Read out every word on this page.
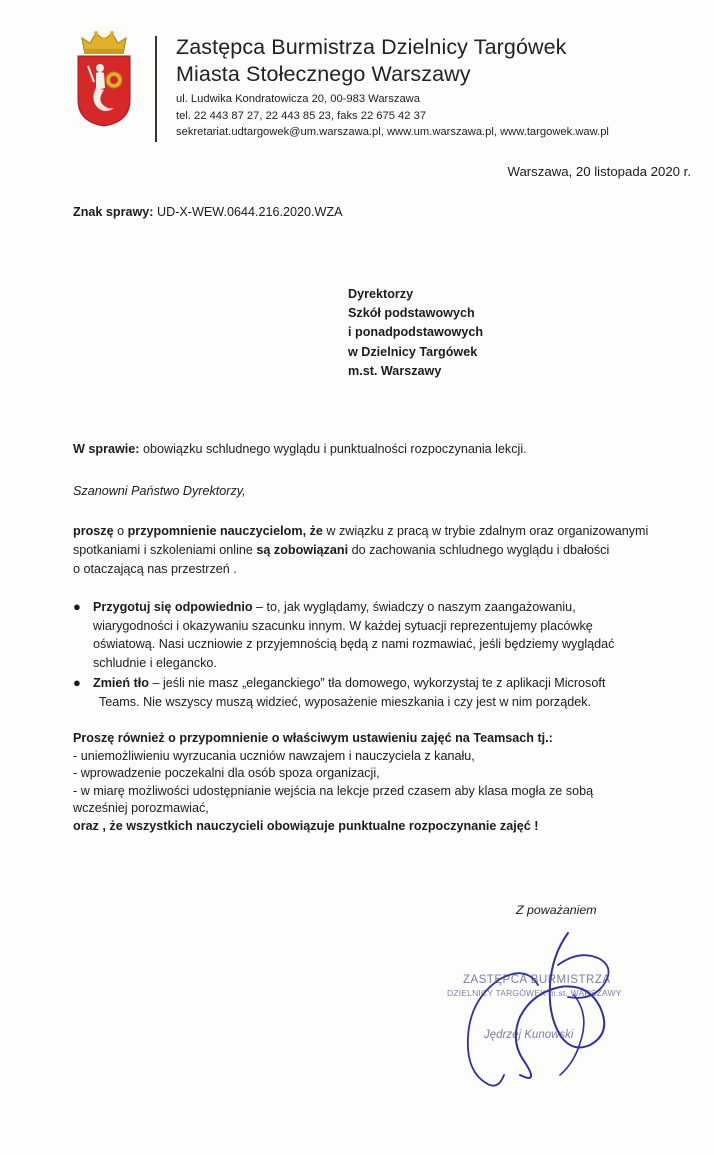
Zastępca Burmistrza Dzielnicy Targówek
Miasta Stołecznego Warszawy
ul. Ludwika Kondratowicza 20, 00-983 Warszawa
tel. 22 443 87 27, 22 443 85 23, faks 22 675 42 37
sekretariat.udtargowek@um.warszawa.pl, www.um.warszawa.pl, www.targowek.waw.pl
Warszawa, 20 listopada 2020 r.
Znak sprawy: UD-X-WEW.0644.216.2020.WZA
Dyrektorzy
Szkół podstawowych
i ponadpodstawowych
w Dzielnicy Targówek
m.st. Warszawy
W sprawie: obowiązku schludnego wyglądu i punktualności rozpoczynania lekcji.
Szanowni Państwo Dyrektorzy,
proszę o przypomnienie nauczycielom, że w związku z pracą w trybie zdalnym oraz organizowanymi
spotkaniami i szkoleniami online są zobowiązani do zachowania schludnego wyglądu i dbałości
o otaczającą nas przestrzeń .
● Przygotuj się odpowiednio – to, jak wyglądamy, świadczy o naszym zaangażowaniu,
wiarygodności i okazywaniu szacunku innym. W każdej sytuacji reprezentujemy placówkę
oświatową. Nasi uczniowie z przyjemnością będą z nami rozmawiać, jeśli będziemy wyglądać
schludnie i elegancko.
● Zmień tło – jeśli nie masz „eleganckiego” tła domowego, wykorzystaj te z aplikacji Microsoft
Teams. Nie wszyscy muszą widzieć, wyposażenie mieszkania i czy jest w nim porządek.
Proszę również o przypomnienie o właściwym ustawieniu zajęć na Teamsach tj.:
- uniemożliwieniu wyrzucania uczniów nawzajem i nauczyciela z kanału,
- wprowadzenie poczekalni dla osób spoza organizacji,
- w miarę możliwości udostępnianie wejścia na lekcje przed czasem aby klasa mogła ze sobą
wcześniej porozmawiać,
oraz , że wszystkich nauczycieli obowiązuje punktualne rozpoczynanie zajęć !
Z poważaniem
ZASTĘPCA BURMISTRZA
DZIELNICY TARGÓWEK m.st. WARSZAWY
Jędrzej Kunowski
